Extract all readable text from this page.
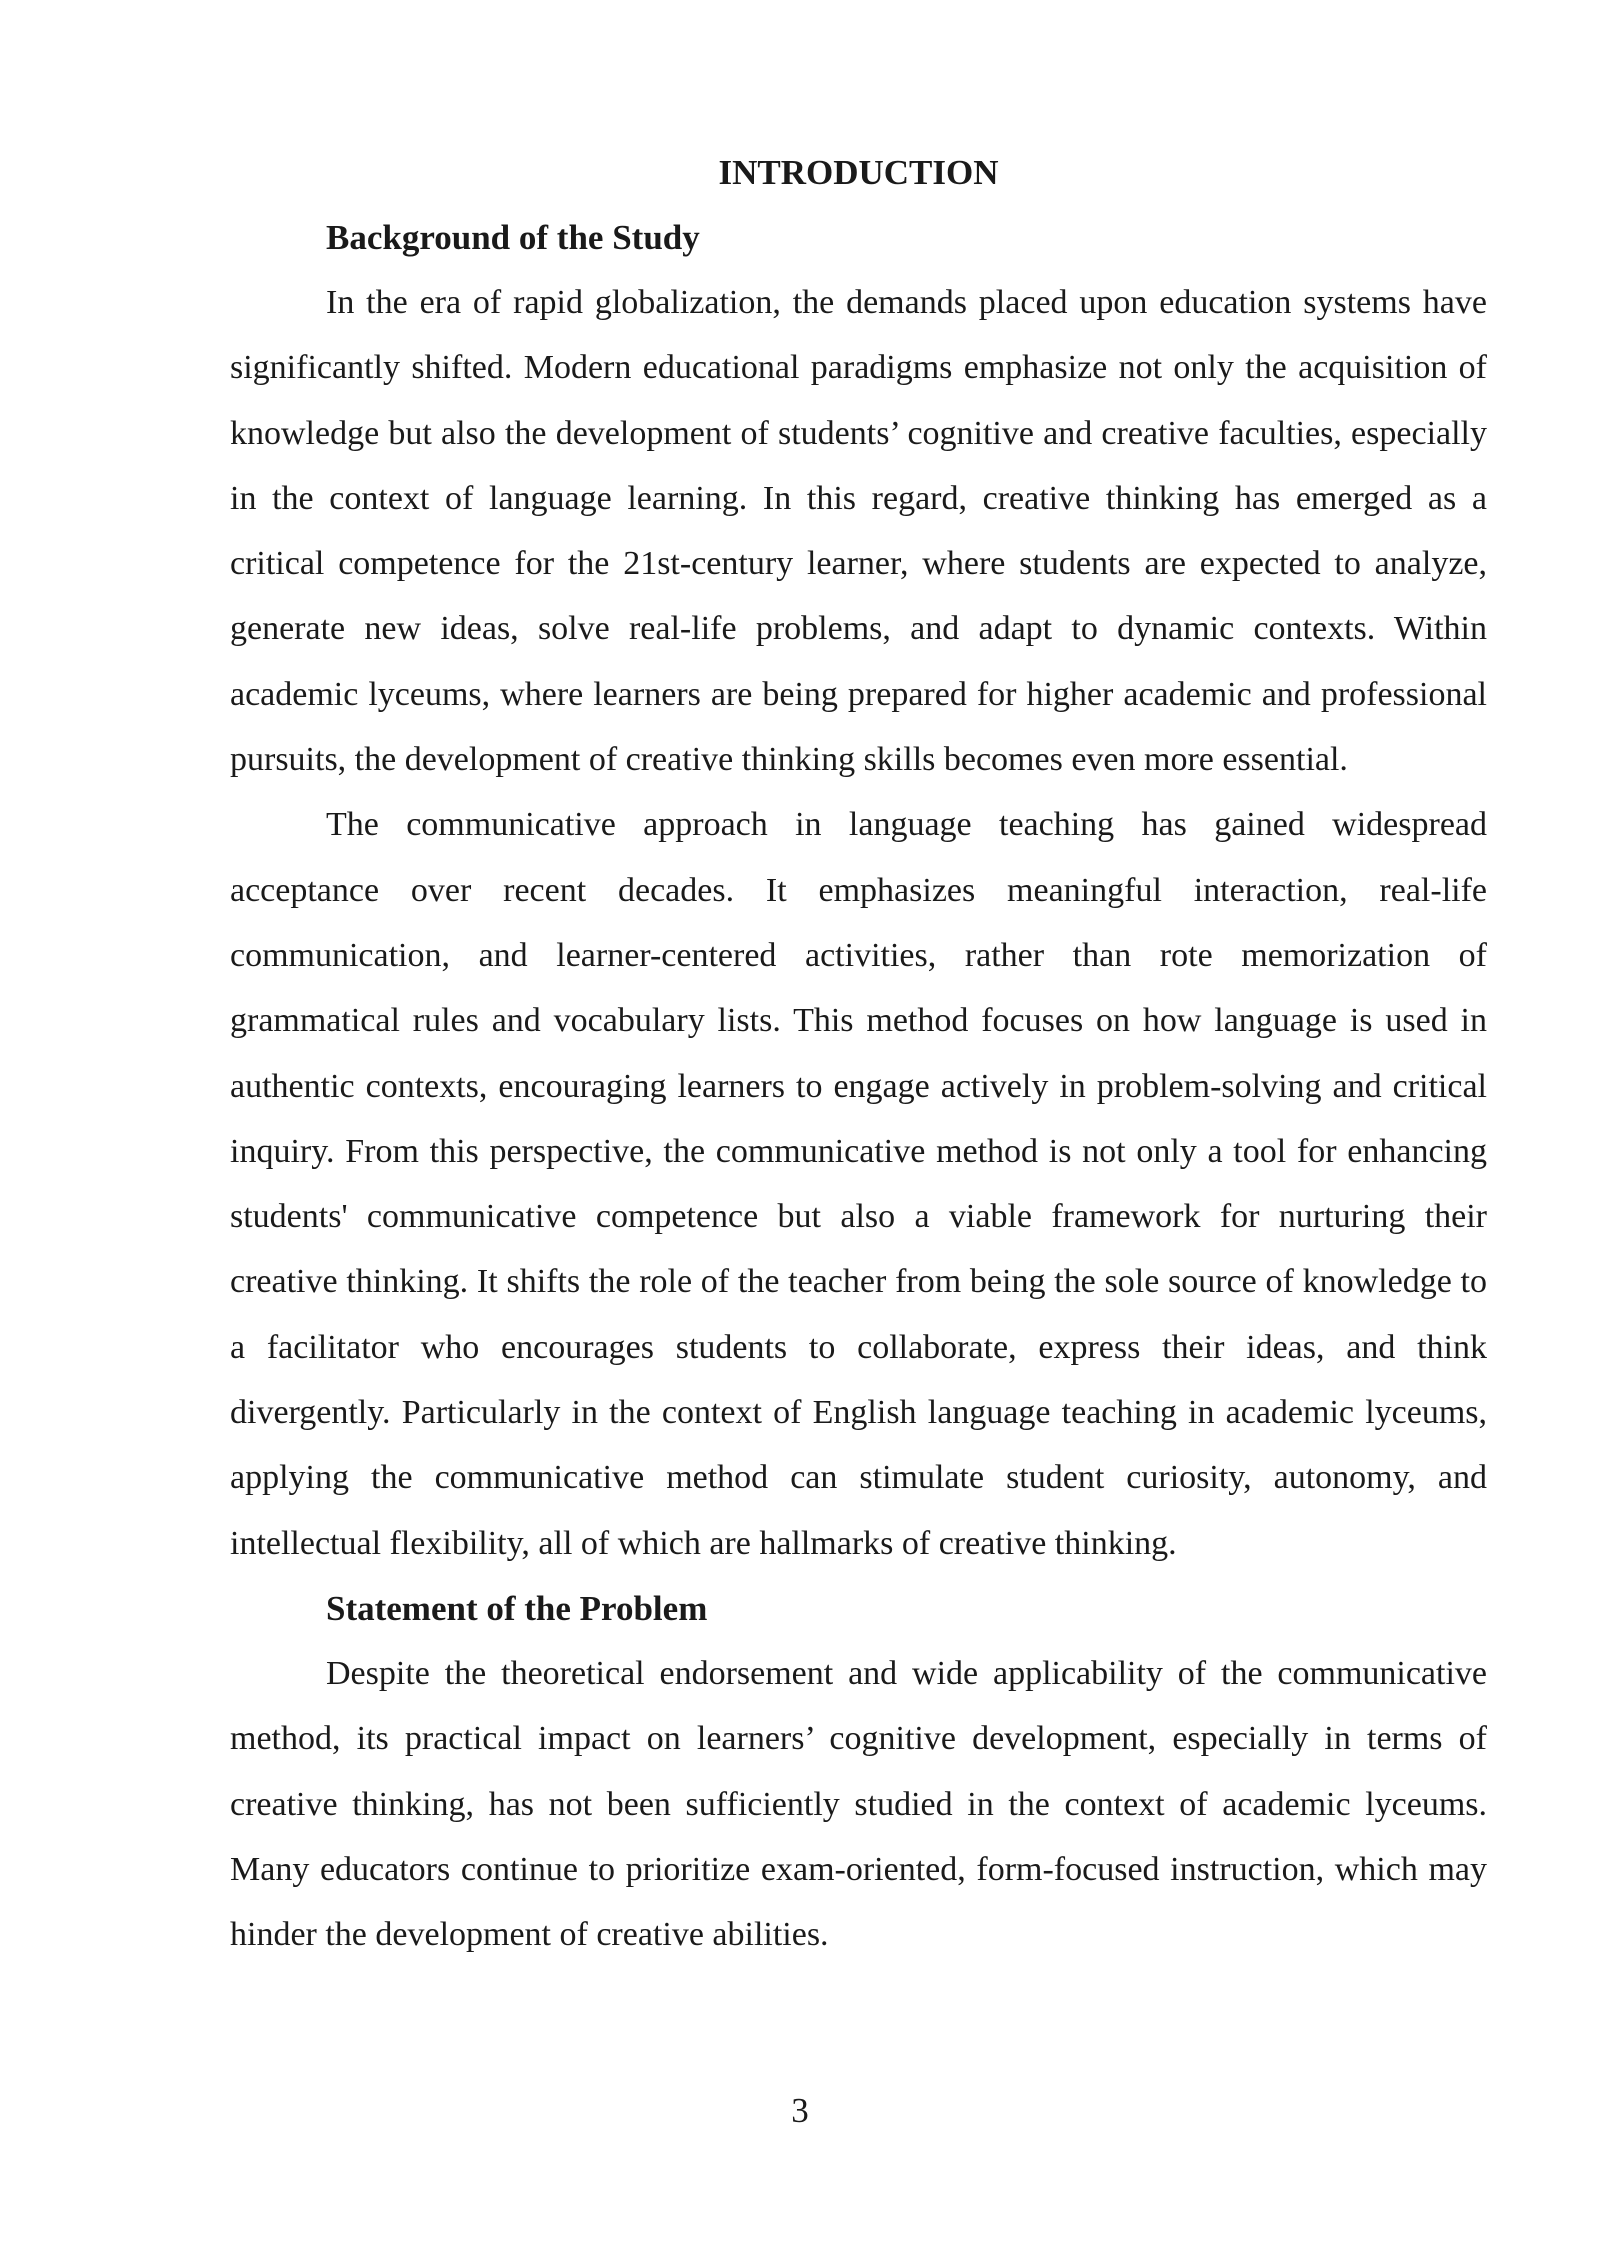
INTRODUCTION
Background of the Study

In the era of rapid globalization, the demands placed upon education systems have significantly shifted. Modern educational paradigms emphasize not only the acquisition of knowledge but also the development of students’ cognitive and creative faculties, especially in the context of language learning. In this regard, creative thinking has emerged as a critical competence for the 21st-century learner, where students are expected to analyze, generate new ideas, solve real-life problems, and adapt to dynamic contexts. Within academic lyceums, where learners are being prepared for higher academic and professional pursuits, the development of creative thinking skills becomes even more essential.

The communicative approach in language teaching has gained widespread acceptance over recent decades. It emphasizes meaningful interaction, real-life communication, and learner-centered activities, rather than rote memorization of grammatical rules and vocabulary lists. This method focuses on how language is used in authentic contexts, encouraging learners to engage actively in problem-solving and critical inquiry. From this perspective, the communicative method is not only a tool for enhancing students' communicative competence but also a viable framework for nurturing their creative thinking. It shifts the role of the teacher from being the sole source of knowledge to a facilitator who encourages students to collaborate, express their ideas, and think divergently. Particularly in the context of English language teaching in academic lyceums, applying the communicative method can stimulate student curiosity, autonomy, and intellectual flexibility, all of which are hallmarks of creative thinking.

Statement of the Problem

Despite the theoretical endorsement and wide applicability of the communicative method, its practical impact on learners’ cognitive development, especially in terms of creative thinking, has not been sufficiently studied in the context of academic lyceums. Many educators continue to prioritize exam-oriented, form-focused instruction, which may hinder the development of creative abilities.

3
